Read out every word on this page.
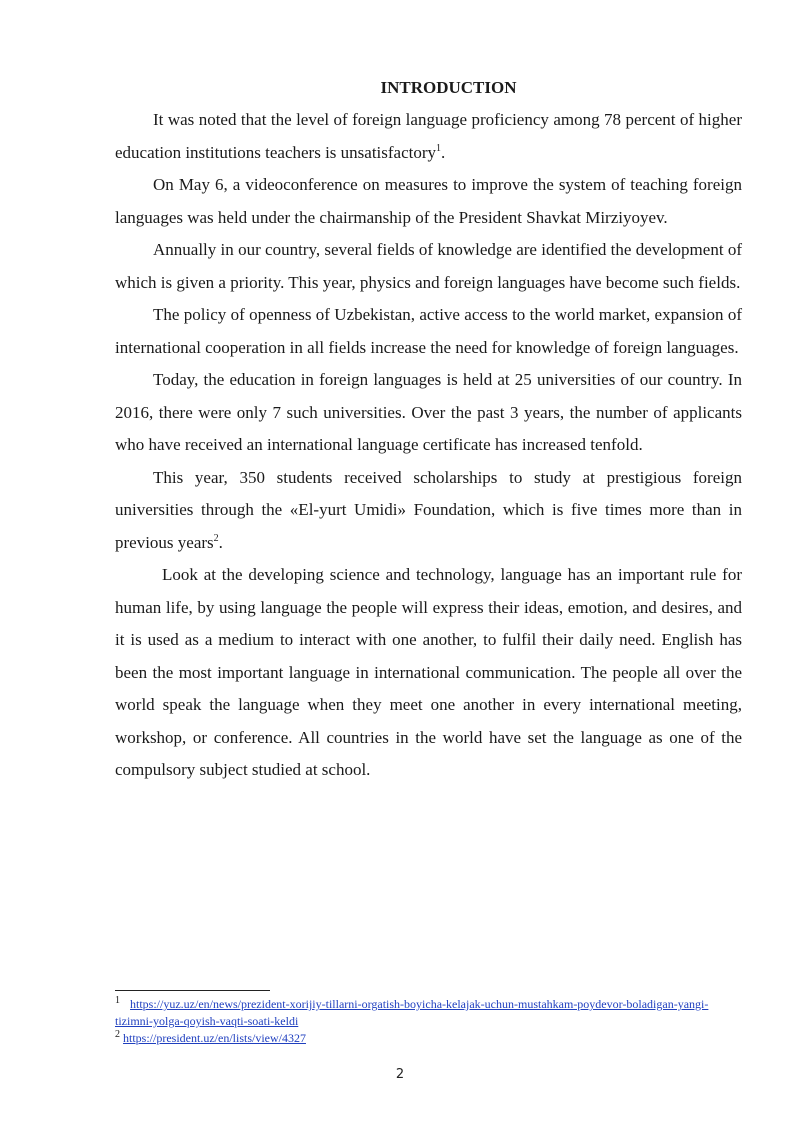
INTRODUCTION

It was noted that the level of foreign language proficiency among 78 percent of higher education institutions teachers is unsatisfactory$^1$.

On May 6, a videoconference on measures to improve the system of teaching foreign languages was held under the chairmanship of the President Shavkat Mirziyoyev.

Annually in our country, several fields of knowledge are identified the development of which is given a priority. This year, physics and foreign languages have become such fields.

The policy of openness of Uzbekistan, active access to the world market, expansion of international cooperation in all fields increase the need for knowledge of foreign languages.

Today, the education in foreign languages is held at 25 universities of our country. In 2016, there were only 7 such universities. Over the past 3 years, the number of applicants who have received an international language certificate has increased tenfold.

This year, 350 students received scholarships to study at prestigious foreign universities through the «El-yurt Umidi» Foundation, which is five times more than in previous years$^2$.

Look at the developing science and technology, language has an important rule for human life, by using language the people will express their ideas, emotion, and desires, and it is used as a medium to interact with one another, to fulfil their daily need. English has been the most important language in international communication. The people all over the world speak the language when they meet one another in every international meeting, workshop, or conference. All countries in the world have set the language as one of the compulsory subject studied at school.

$^1$ https://yuz.uz/en/news/prezident-xorijiy-tillarni-orgatish-boyicha-kelajak-uchun-mustahkam-poydevor-boladigan-yangi-tizimni-yolga-qoyish-vaqti-soati-keldi

$^2$ https://president.uz/en/lists/view/4327

2
